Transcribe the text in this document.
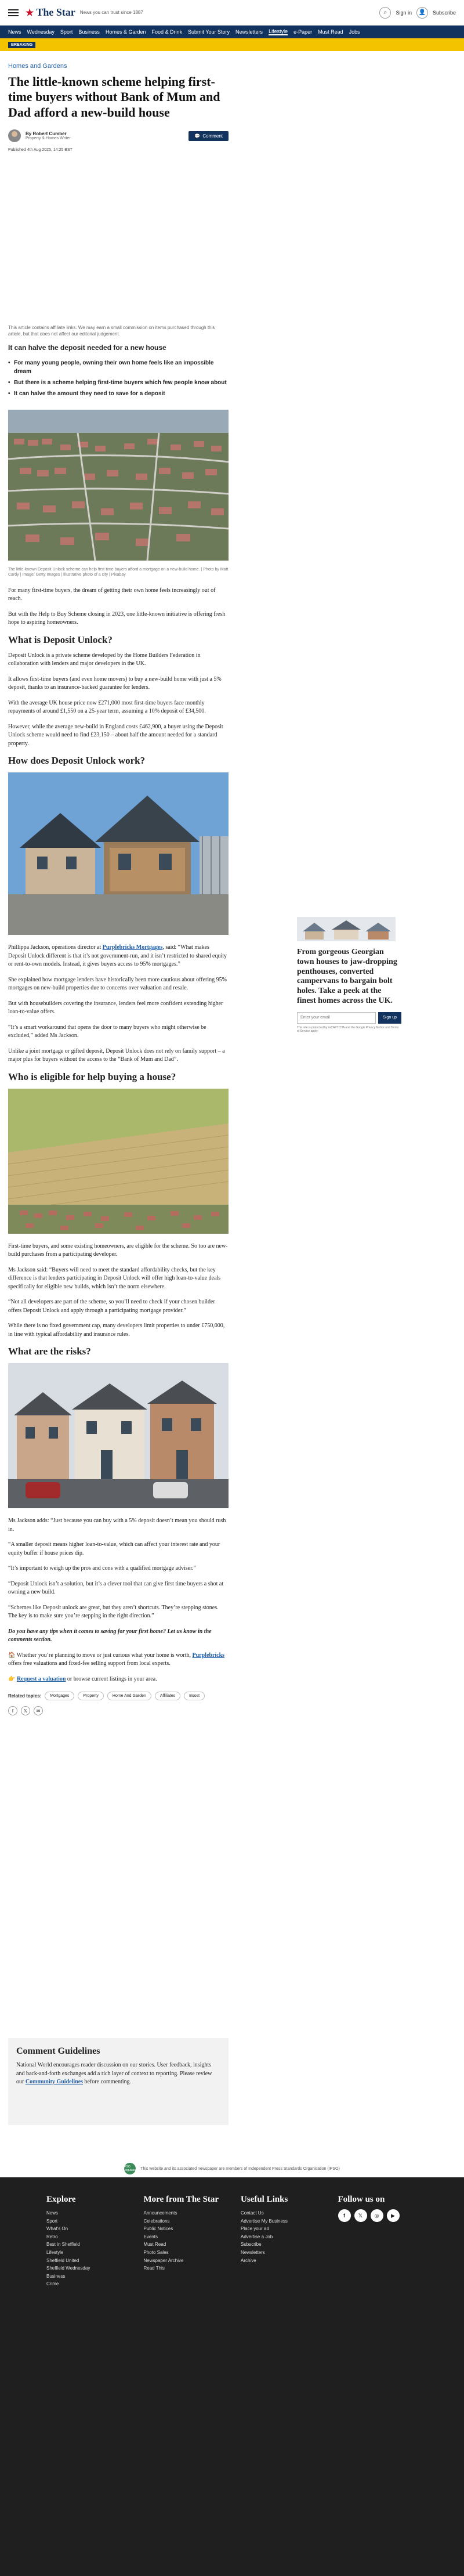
★ The Star News you can trust since 1887	⌕	Sign in	👤	Subscribe
News Wednesday Sport Business Homes & Garden Food & Drink Submit Your Story Newsletters Lifestyle e-Paper Must Read Jobs
BREAKING
Homes and Gardens
The little-known scheme helping first-time buyers without Bank of Mum and Dad afford a new-build house
By Robert Cumber
Property & Homes Writer	💬 Comment
Published 4th Aug 2025, 14:25 BST

This article contains affiliate links. We may earn a small commission on items purchased through this article, but that does not affect our editorial judgement.

It can halve the deposit needed for a new house
• For many young people, owning their own home feels like an impossible dream
• But there is a scheme helping first-time buyers which few people know about
• It can halve the amount they need to save for a deposit

The little-known Deposit Unlock scheme can help first-time buyers afford a mortgage on a new-build home. | Photo by Matt Cardy | Image: Getty Images | Illustrative photo of a city | Pixabay

For many first-time buyers, the dream of getting their own home feels increasingly out of reach.

But with the Help to Buy Scheme closing in 2023, one little-known initiative is offering fresh hope to aspiring homeowners.

What is Deposit Unlock?

Deposit Unlock is a private scheme developed by the Home Builders Federation in collaboration with lenders and major developers in the UK.

It allows first-time buyers (and even home movers) to buy a new-build home with just a 5% deposit, thanks to an insurance-backed guarantee for lenders.

With the average UK house price now £271,000 most first-time buyers face monthly repayments of around £1,550 on a 25-year term, assuming a 10% deposit of £34,500.

However, while the average new-build in England costs £462,900, a buyer using the Deposit Unlock scheme would need to find £23,150 – about half the amount needed for a standard property.

How does Deposit Unlock work?

Phillippa Jackson, operations director at Purplebricks Mortgages, said: “What makes Deposit Unlock different is that it’s not government-run, and it isn’t restricted to shared equity or rent-to-own models. Instead, it gives buyers access to 95% mortgages.”

She explained how mortgage lenders have historically been more cautious about offering 95% mortgages on new-build properties due to concerns over valuation and resale.

But with housebuilders covering the insurance, lenders feel more confident extending higher loan-to-value offers.

“It’s a smart workaround that opens the door to many buyers who might otherwise be excluded,” added Ms Jackson.

Unlike a joint mortgage or gifted deposit, Deposit Unlock does not rely on family support – a major plus for buyers without the access to the “Bank of Mum and Dad”.

Who is eligible for help buying a house?

First-time buyers, and some existing homeowners, are eligible for the scheme. So too are new-build purchases from a participating developer.

Ms Jackson said: “Buyers will need to meet the standard affordability checks, but the key difference is that lenders participating in Deposit Unlock will offer high loan-to-value deals specifically for eligible new builds, which isn’t the norm elsewhere.

“Not all developers are part of the scheme, so you’ll need to check if your chosen builder offers Deposit Unlock and apply through a participating mortgage provider.”

While there is no fixed government cap, many developers limit properties to under £750,000, in line with typical affordability and insurance rules.

What are the risks?

Ms Jackson adds: “Just because you can buy with a 5% deposit doesn’t mean you should rush in.

“A smaller deposit means higher loan-to-value, which can affect your interest rate and your equity buffer if house prices dip.

“It’s important to weigh up the pros and cons with a qualified mortgage adviser.”

“Deposit Unlock isn’t a solution, but it’s a clever tool that can give first time buyers a shot at owning a new build.

“Schemes like Deposit unlock are great, but they aren’t shortcuts. They’re stepping stones. The key is to make sure you’re stepping in the right direction.”

Do you have any tips when it comes to saving for your first home? Let us know in the comments section.

🏠 Whether you’re planning to move or just curious what your home is worth, Purplebricks offers free valuations and fixed-fee selling support from local experts.

👉 Request a valuation or browse current listings in your area.

Related topics:	Mortgages	Property	Home And Garden	Affiliates	Boost
f	𝕏	✉
From gorgeous Georgian town houses to jaw-dropping penthouses, converted campervans to bargain bolt holes. Take a peek at the finest homes across the UK.
Enter your email	Sign up
This site is protected by reCAPTCHA and the Google Privacy Notice and Terms of Service apply.
Comment Guidelines

National World encourages reader discussion on our stories. User feedback, insights and back-and-forth exchanges add a rich layer of context to reporting. Please review our Community Guidelines before commenting.

IPSO Regulated This website and its associated newspaper are members of Independent Press Standards Organisation (IPSO)
Explore
News
Sport
What's On
Retro
Best in Sheffield
Lifestyle
Sheffield United
Sheffield Wednesday
Business
Crime
More from The Star
Announcements
Celebrations
Public Notices
Events
Must Read
Photo Sales
Newspaper Archive
Read This
Useful Links
Contact Us
Advertise My Business
Place your ad
Advertise a Job
Subscribe
Newsletters
Archive
Follow us on
f	𝕏	◎	▶
